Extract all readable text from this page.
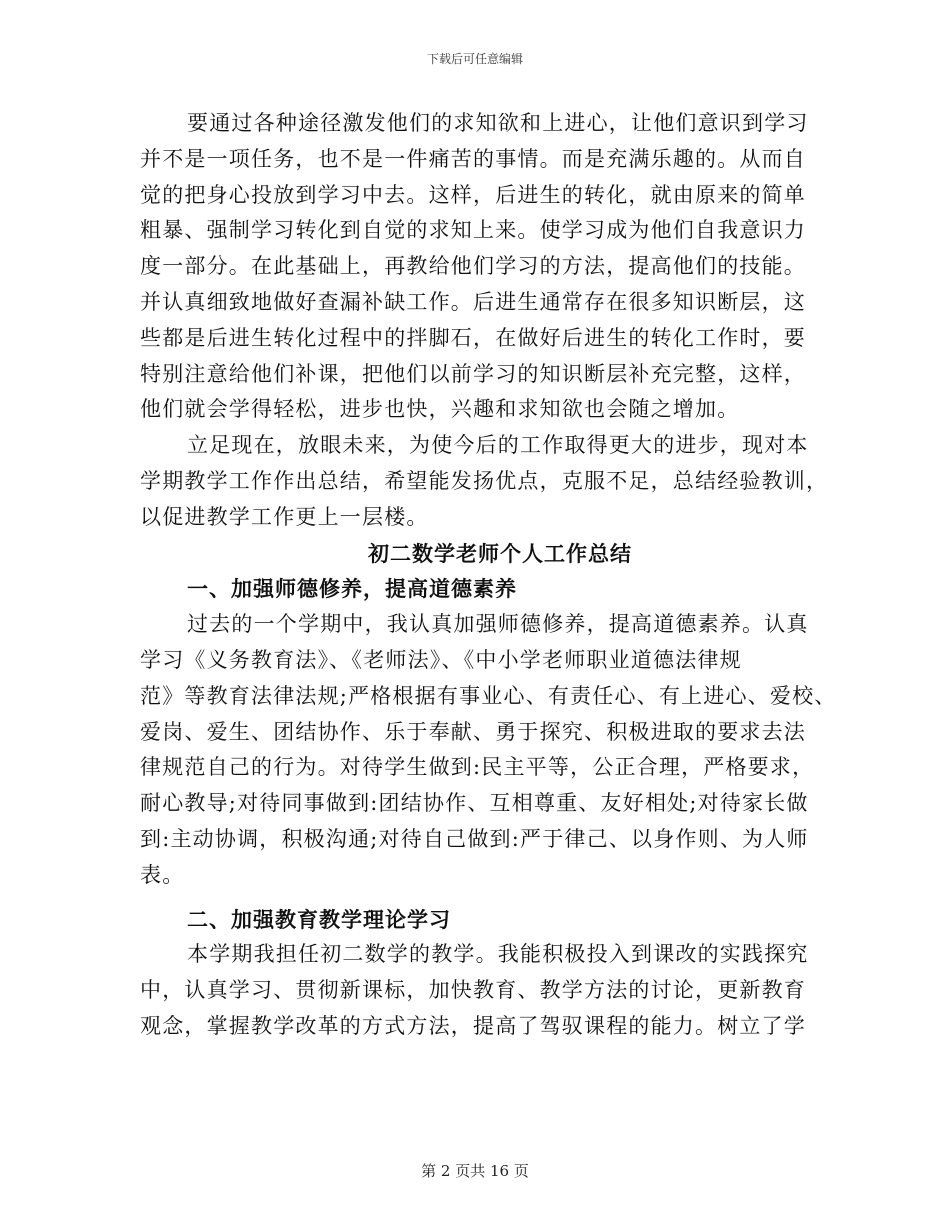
下载后可任意编辑
要通过各种途径激发他们的求知欲和上进心，让他们意识到学习
并不是一项任务，也不是一件痛苦的事情。而是充满乐趣的。从而自
觉的把身心投放到学习中去。这样，后进生的转化，就由原来的简单
粗暴、强制学习转化到自觉的求知上来。使学习成为他们自我意识力
度一部分。在此基础上，再教给他们学习的方法，提高他们的技能。
并认真细致地做好查漏补缺工作。后进生通常存在很多知识断层，这
些都是后进生转化过程中的拌脚石，在做好后进生的转化工作时，要
特别注意给他们补课，把他们以前学习的知识断层补充完整，这样，
他们就会学得轻松，进步也快，兴趣和求知欲也会随之增加。
立足现在，放眼未来，为使今后的工作取得更大的进步，现对本
学期教学工作作出总结，希望能发扬优点，克服不足，总结经验教训，
以促进教学工作更上一层楼。
初二数学老师个人工作总结
一、加强师德修养，提高道德素养
过去的一个学期中，我认真加强师德修养，提高道德素养。认真
学习《义务教育法》、《老师法》、《中小学老师职业道德法律规
范》等教育法律法规;严格根据有事业心、有责任心、有上进心、爱校、
爱岗、爱生、团结协作、乐于奉献、勇于探究、积极进取的要求去法
律规范自己的行为。对待学生做到:民主平等，公正合理，严格要求，
耐心教导;对待同事做到:团结协作、互相尊重、友好相处;对待家长做
到:主动协调，积极沟通;对待自己做到:严于律己、以身作则、为人师
表。
二、加强教育教学理论学习
本学期我担任初二数学的教学。我能积极投入到课改的实践探究
中，认真学习、贯彻新课标，加快教育、教学方法的讨论，更新教育
观念，掌握教学改革的方式方法，提高了驾驭课程的能力。树立了学
第 2 页共 16 页
